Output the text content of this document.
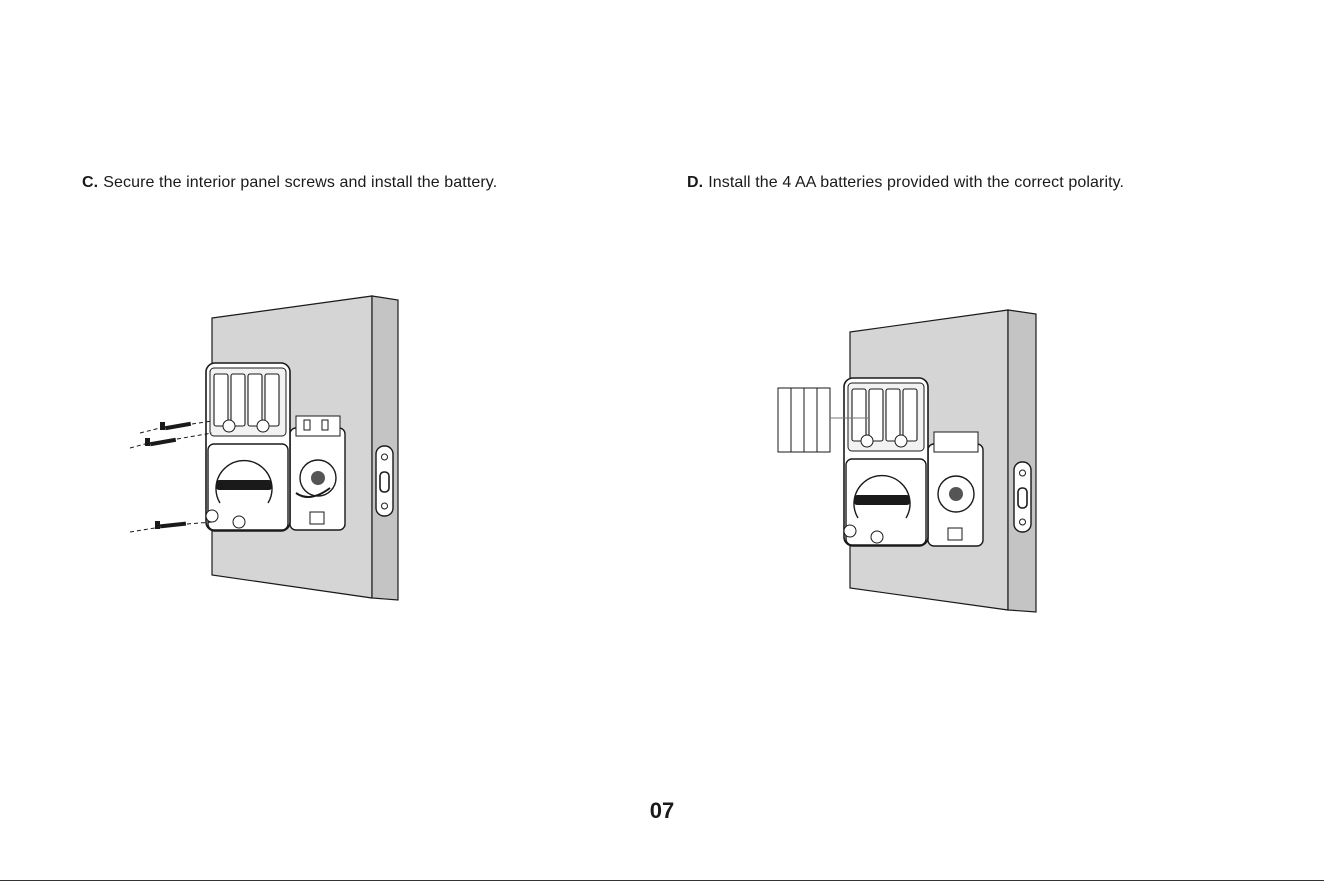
C. Secure the interior panel screws and install the battery.	D. Install the 4 AA batteries provided with the correct polarity.
07
